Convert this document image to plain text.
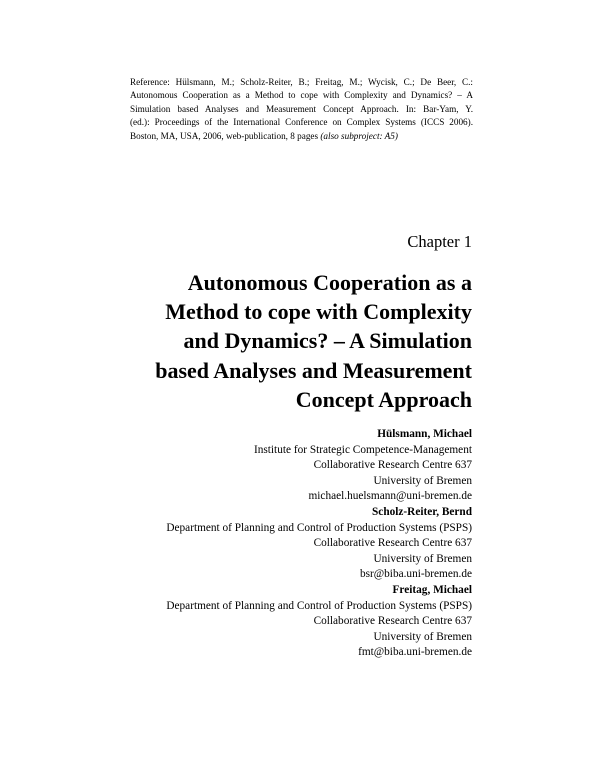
Reference: Hülsmann, M.; Scholz-Reiter, B.; Freitag, M.; Wycisk, C.; De Beer, C.:
Autonomous Cooperation as a Method to cope with Complexity and Dynamics? – A
Simulation based Analyses and Measurement Concept Approach. In: Bar-Yam, Y.
(ed.): Proceedings of the International Conference on Complex Systems (ICCS 2006).
Boston, MA, USA, 2006, web-publication, 8 pages (also subproject: A5)
Chapter 1
Autonomous Cooperation as a
Method to cope with Complexity
and Dynamics? – A Simulation
based Analyses and Measurement
Concept Approach
Hülsmann, Michael
Institute for Strategic Competence-Management
Collaborative Research Centre 637
University of Bremen
michael.huelsmann@uni-bremen.de
Scholz-Reiter, Bernd
Department of Planning and Control of Production Systems (PSPS)
Collaborative Research Centre 637
University of Bremen
bsr@biba.uni-bremen.de
Freitag, Michael
Department of Planning and Control of Production Systems (PSPS)
Collaborative Research Centre 637
University of Bremen
fmt@biba.uni-bremen.de
